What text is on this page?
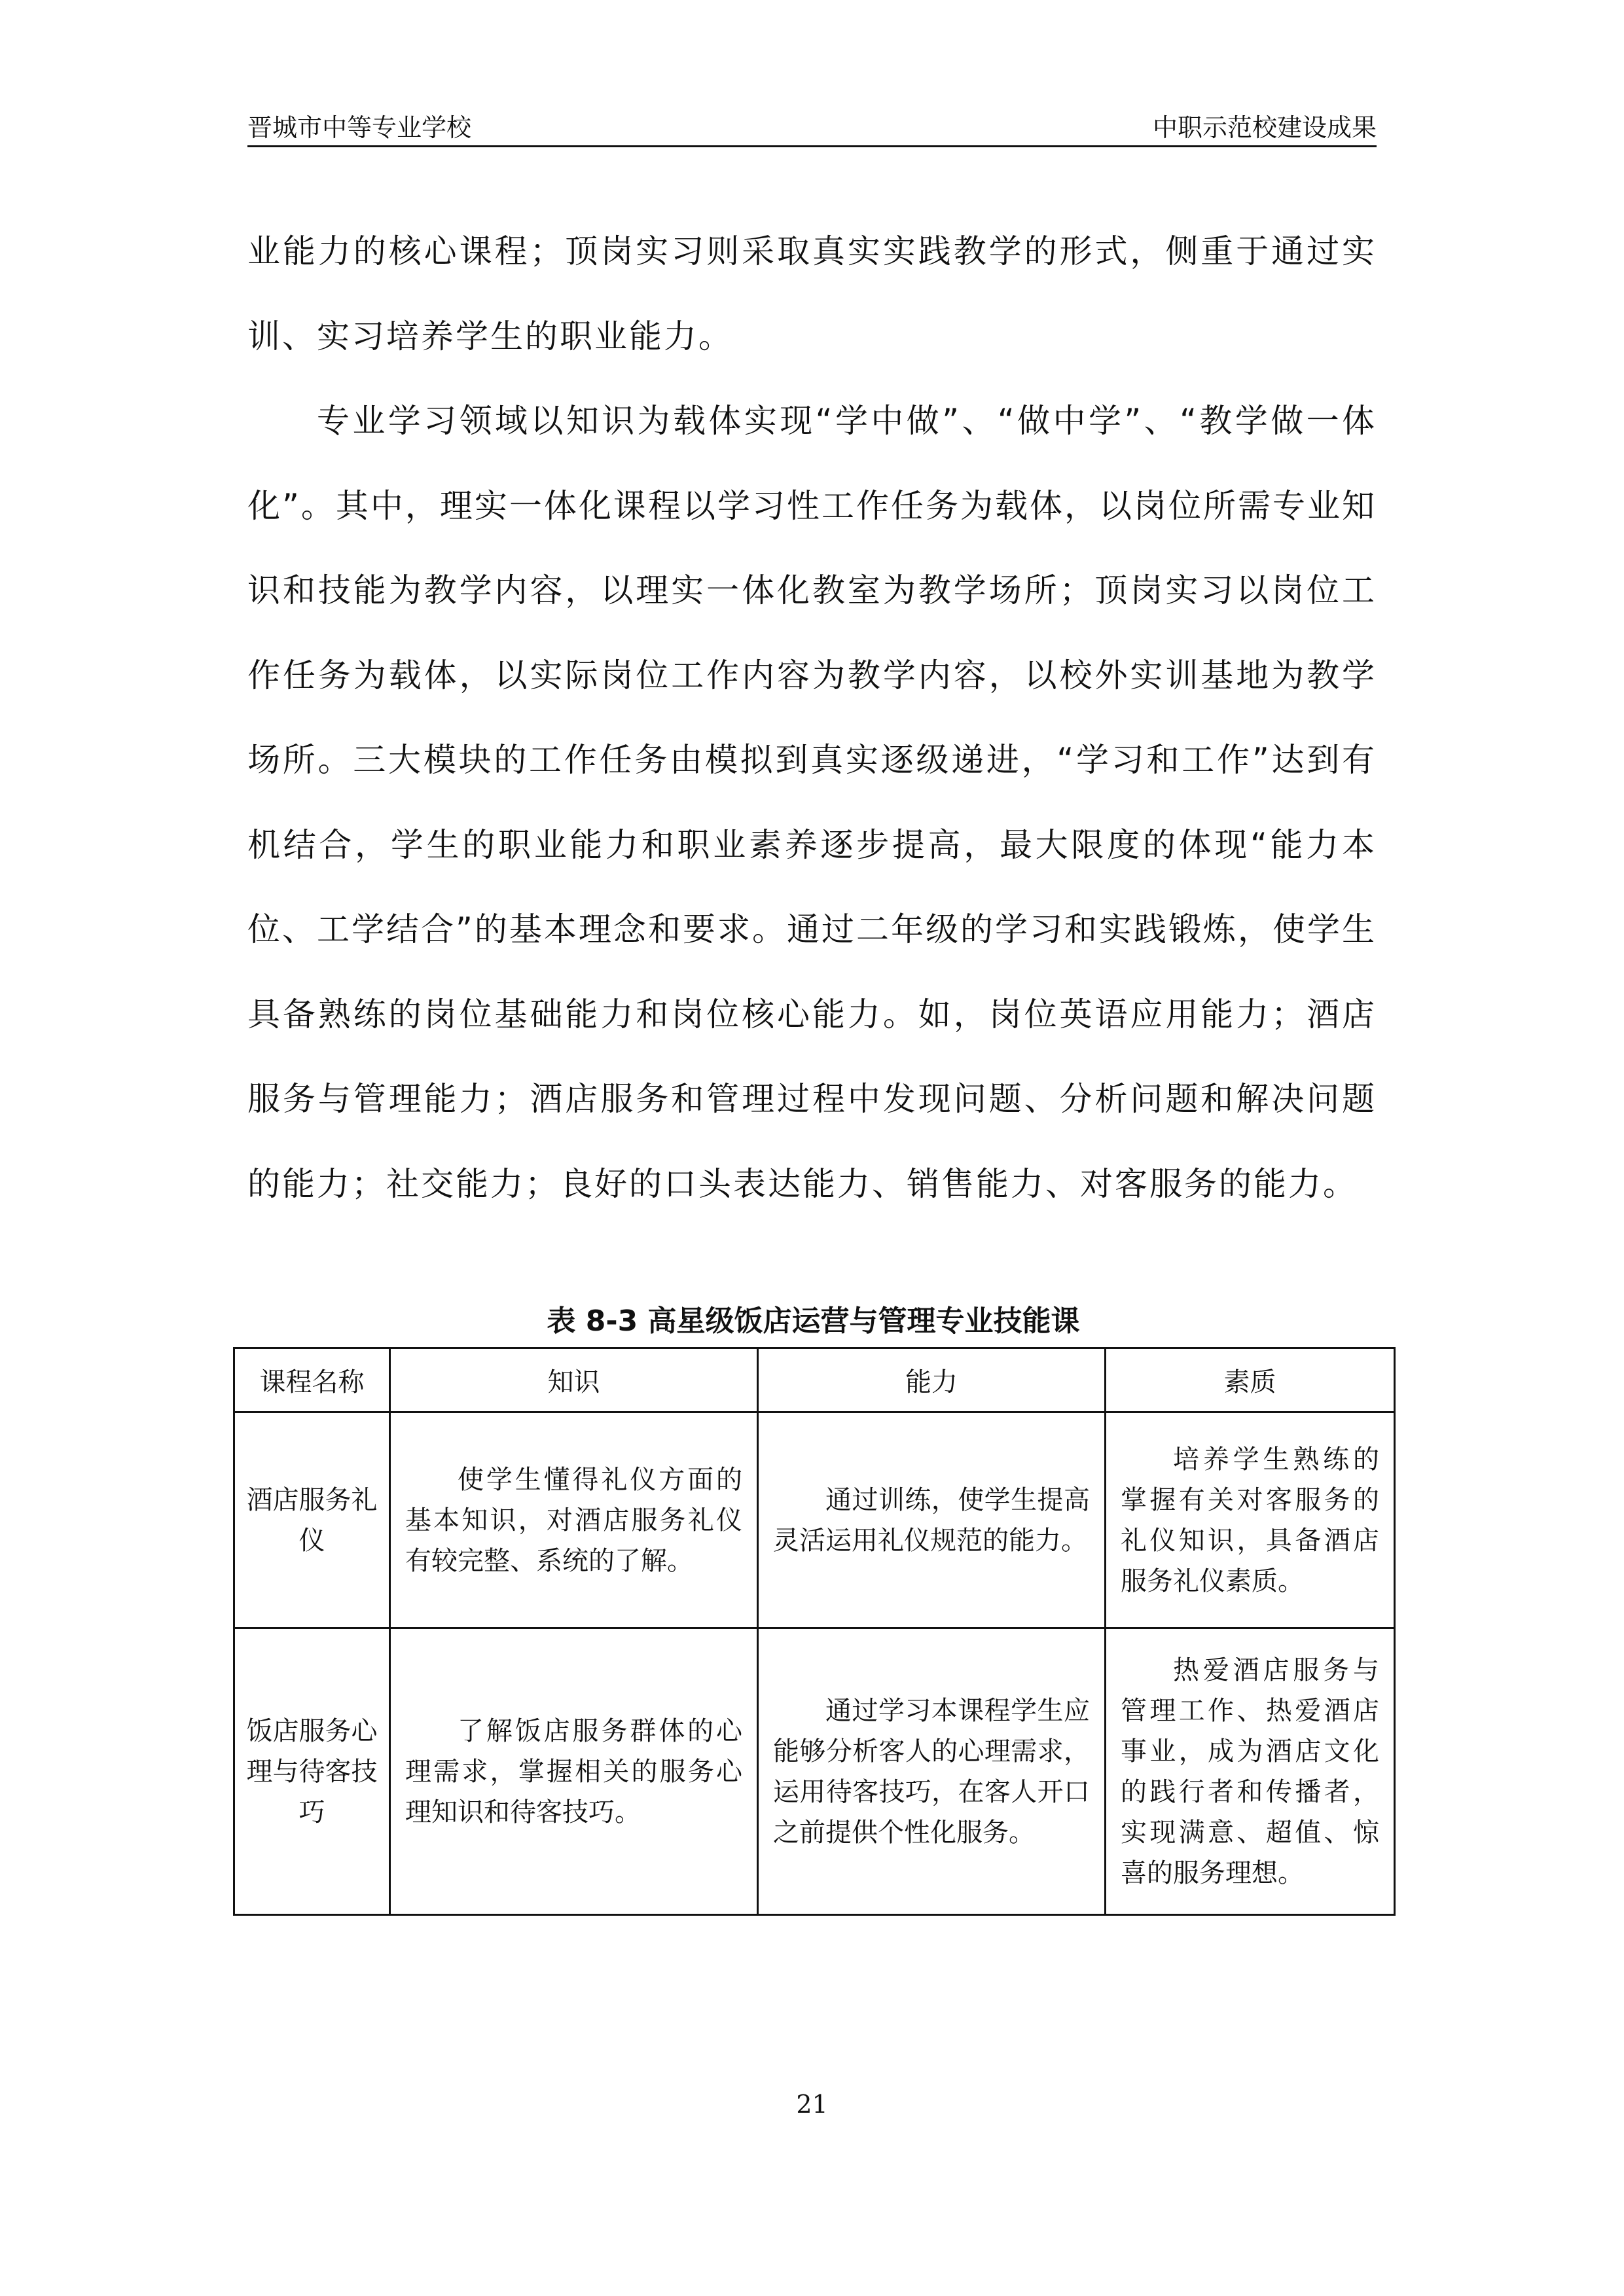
晋城市中等专业学校	中职示范校建设成果

业能力的核心课程；顶岗实习则采取真实实践教学的形式，侧重于通过实训、实习培养学生的职业能力。

专业学习领域以知识为载体实现“学中做”、“做中学”、“教学做一体化”。其中，理实一体化课程以学习性工作任务为载体，以岗位所需专业知识和技能为教学内容，以理实一体化教室为教学场所；顶岗实习以岗位工作任务为载体，以实际岗位工作内容为教学内容，以校外实训基地为教学场所。三大模块的工作任务由模拟到真实逐级递进，“学习和工作”达到有机结合，学生的职业能力和职业素养逐步提高，最大限度的体现“能力本位、工学结合”的基本理念和要求。通过二年级的学习和实践锻炼，使学生具备熟练的岗位基础能力和岗位核心能力。如，岗位英语应用能力；酒店服务与管理能力；酒店服务和管理过程中发现问题、分析问题和解决问题的能力；社交能力；良好的口头表达能力、销售能力、对客服务的能力。

表 8-3 高星级饭店运营与管理专业技能课
课程名称	知识	能力	素质
酒店服务礼仪	使学生懂得礼仪方面的基本知识，对酒店服务礼仪有较完整、系统的了解。	通过训练，使学生提高灵活运用礼仪规范的能力。	培养学生熟练的掌握有关对客服务的礼仪知识，具备酒店服务礼仪素质。
饭店服务心理与待客技巧	了解饭店服务群体的心理需求，掌握相关的服务心理知识和待客技巧。	通过学习本课程学生应能够分析客人的心理需求，运用待客技巧，在客人开口之前提供个性化服务。	热爱酒店服务与管理工作、热爱酒店事业，成为酒店文化的践行者和传播者，实现满意、超值、惊喜的服务理想。
21
